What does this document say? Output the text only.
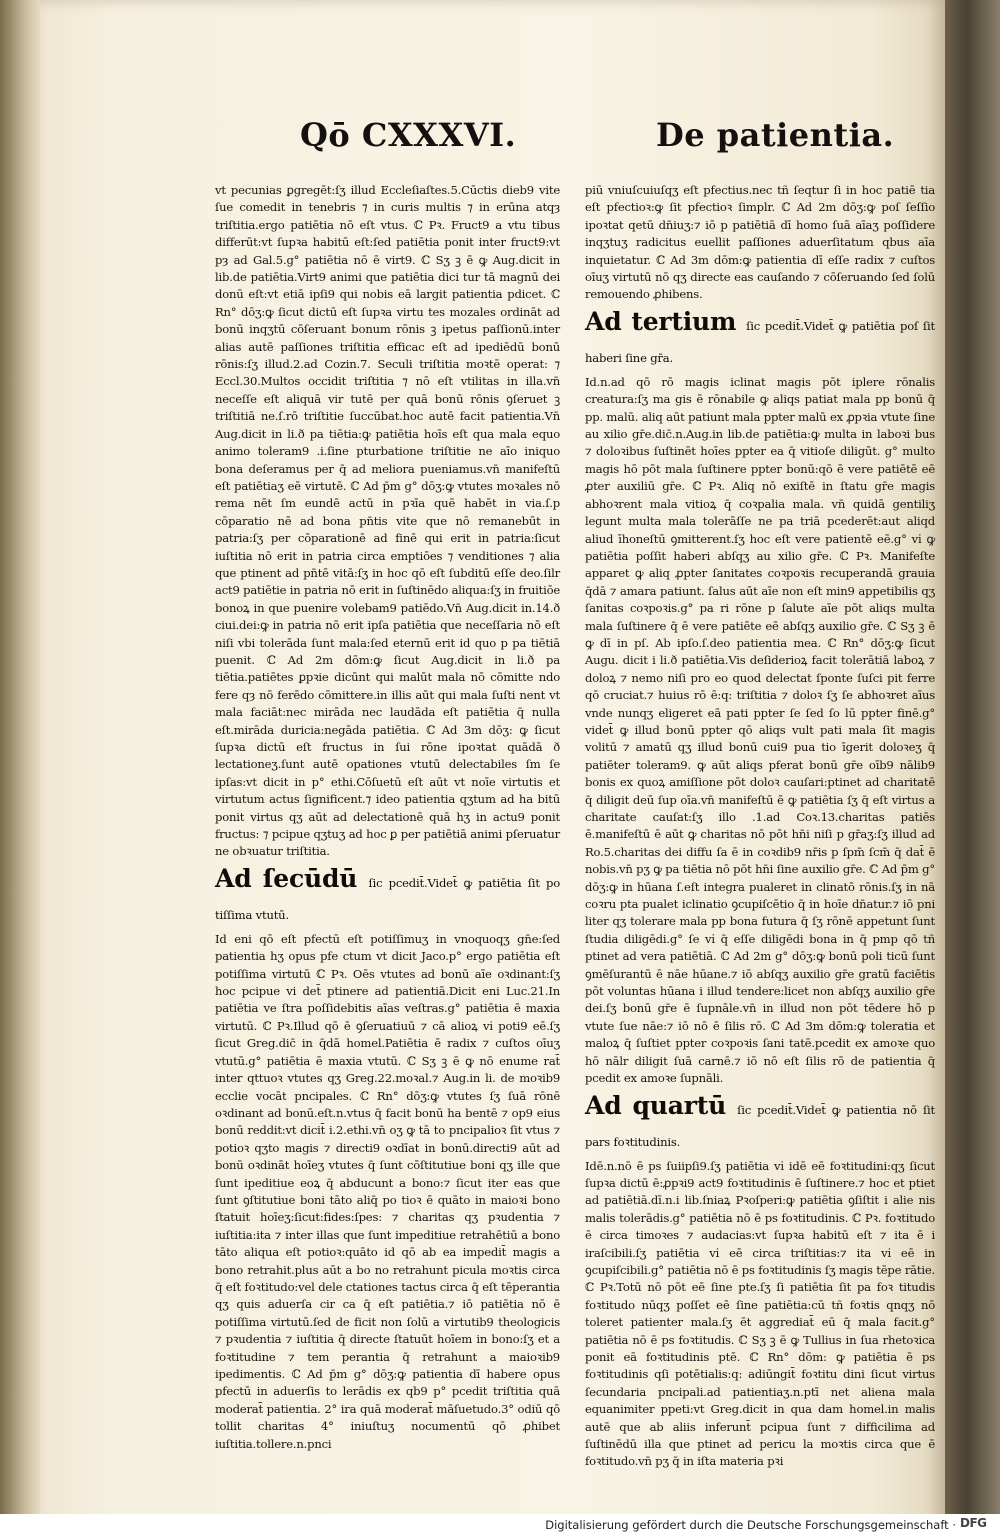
Qō CXXXVI.	De patientia.

vt pecunias ꝑgregēt:ſʒ illud Eccleſiaſtes.5.Cūctis dieb9 vite ſue comedit in tenebris ⁊ in curis multis ⁊ in erūna atqȝ triſtitia.ergo patiētia nō eſt vtus. ℂ Pꝛ. Fruct9 a vtu tibus differūt:vt ſupꝛa habitū eſt:ſed patiētia ponit inter fruct9:vt pȝ ad Gal.5.g° patiētia nō ē virt9. ℂ Sʒ ꝫ ē ꝙ Aug.dicit in lib.de patiētia.Virt9 animi que patiētia dici tur tā magnū dei donū eſt:vt etiā ipſi9 qui nobis eā largit patientia pdicet. ℂ Rn° dōʒ:ꝙ ſicut dictū eſt ſupꝛa virtu tes mozales ordināt ad bonū inqʒtū cōſeruant bonum rōnis ꝫ ipetus paſſionū.inter alias autē paſſiones triſtitia efficac eſt ad ipediēdū bonū rōnis:ſʒ illud.2.ad Cozin.7. Seculi triſtitia moꝛtē operat: ⁊ Eccl.30.Multos occidit triſtitia ⁊ nō eſt vtilitas in illa.vn̄ neceſſe eſt aliquā vir tutē per quā bonū rōnis ꝯſeruet ꝫ triſtitiā ne.ſ.rō triſtitie ſuccūbat.hoc autē facit patientia.Vn̄ Aug.dicit in li.ð pa tiētia:ꝙ patiētia hoīs eſt qua mala equo animo toleram9 .i.ſine pturbatione triſtitie ne aīo iniquo bona deſeramus per q̄ ad meliora pueniamus.vn̄ manifeſtū eſt patiētiaʒ eē virtutē. ℂ Ad p̄m g° dōʒ:ꝙ vtutes moꝛales nō rema nēt ſm eundē actū in pꝛīa quē habēt in via.ſ.p cōparatio nē ad bona pn̄tis vite que nō remanebūt in patria:ſʒ per cōparationē ad finē qui erit in patria:ſicut iuſtitia nō erit in patria circa emptiōes ⁊ venditiones ⁊ alia que ptinent ad pn̄tē vitā:ſʒ in hoc qō eſt ſubditū eſſe deo.ſilr act9 patiētie in patria nō erit in ſuſtinēdo aliqua:ſʒ in fruitiōe bonoꝝ in que puenire volebam9 patiēdo.Vn̄ Aug.dicit in.14.ð ciui.dei:ꝙ in patria nō erit ipſa patiētia que neceſſaria nō eſt niſi vbi tolerāda ſunt mala:ſed eternū erit id quo p pa tiētiā puenit. ℂ Ad 2m dōm:ꝙ ſicut Aug.dicit in li.ð pa tiētia.patiētes ꝑpꝛie dicūnt qui malūt mala nō cōmitte ndo fere qȝ nō ferēdo cōmittere.in illis aūt qui mala ſuſti nent vt mala faciāt:nec mirāda nec laudāda eſt patiētia q̄ nulla eſt.mirāda duricia:negāda patiētia. ℂ Ad 3m dōʒ: ꝙ ſicut ſupꝛa dictū eſt fructus in ſui rōne ipoꝛtat quādā ð lectationeʒ.ſunt autē opationes vtutū delectabiles ſm ſe ipſas:vt dicit in p° ethi.Cōſuetū eſt aūt vt noīe virtutis et virtutum actus ſignificent.⁊ ideo patientia qʒtum ad ha bitū ponit virtus qʒ aūt ad delectationē quā hʒ in actu9 ponit fructus: ⁊ pcipue qʒtuʒ ad hoc ꝑ per patiētiā animi pſeruatur ne obꝛuatur triſtitia.

Ad ſecūdū ſic pcedit̄.Videt̄ ꝙ patiētia ſit po tiſſima vtutū.

Id eni qō eſt pfectū eſt potiſſimuʒ in vnoquoqʒ gn̄e:ſed patientia hʒ opus pfe ctum vt dicit Jaco.p° ergo patiētia eſt potiſſima virtutū ℂ Pꝛ. Oēs vtutes ad bonū aīe oꝛdinant:ſʒ hoc pcipue vi det̄ ptinere ad patientiā.Dicit eni Luc.21.In patiētia ve ſtra poſſidebitis aīas veſtras.g° patiētia ē maxia virtutū. ℂ Pꝛ.Illud qō ē ꝯſeruatiuū ⁊ cā alioꝝ vi̇ poti9 eē.ſʒ ſicut Greg.dic̄ in q̄dā homel.Patiētia ē radix ⁊ cuſtos oīuʒ vtutū.g° patiētia ē maxia vtutū. ℂ Sʒ ꝫ ē ꝙ nō enume rat̄ inter qttuoꝛ vtutes qʒ Greg.22.moꝛal.⁊ Aug.in li. de moꝛib9 ecclie vocāt pncipales. ℂ Rn° dōʒ:ꝙ vtutes ſʒ ſuā rōnē oꝛdinant ad bonū.eſt.n.vtus q̄ facit bonū ha bentē ⁊ op9 eius bonū reddit:vt dicit̄ i.2.ethi.vn̄ oʒ ꝙ tā to pncipalioꝛ ſit vtus ⁊ potioꝛ qʒto magis ⁊ directi9 oꝛdīat in bonū.directi9 aūt ad bonū oꝛdināt hoīeʒ vtutes q̄ ſunt cōſtitutiue boni qʒ ille que ſunt ipeditiue eoꝝ q̄ abducunt a bono:⁊ ſicut iter eas que ſunt ꝯſtitutiue boni tāto aliq̄ po tioꝛ ē quāto in maioꝛi bono ſtatuit hoīeʒ:ſicut:fides:ſpes: ⁊ charitas qʒ pꝛudentia ⁊ iuſtitia:ita ⁊ inter illas que ſunt impeditiue retrahētiū a bono tāto aliqua eſt potioꝛ:quāto id qō ab ea impedit̄ magis a bono retrahit.plus aūt a bo no retrahunt picula moꝛtis circa q̄ eſt foꝛtitudo:vel dele ctationes tactus circa q̄ eſt tēperantia qʒ quis aduerſa cir ca q̄ eſt patiētia.⁊ iō patiētia nō ē potiſſima virtutū.ſed de ficit non ſolū a virtutib9 theologicis ⁊ pꝛudentia ⁊ iuſtitia q̄ directe ſtatuūt hoīem in bono:ſʒ et a foꝛtitudine ⁊ tem perantia q̄ retrahunt a maioꝛib9 ipedimentis. ℂ Ad p̄m g° dōʒ:ꝙ patientia dī habere opus pfectū in aduerſis to lerādis ex qb9 p° pcedit triſtitia quā moderat̄ patientia. 2° ira quā moderat̄ māſuetudo.3° odiū qō tollit charitas 4° iniuſtuʒ nocumentū qō ꝓhibet iuſtitia.tollere.n.pnci

piū vniuſcuiuſqʒ eſt pfectius.nec tñ ſeqtur ſi in hoc patiē tia eſt pfectioꝛ:ꝙ ſit pfectioꝛ ſimplr. ℂ Ad 2m dōʒ:ꝙ poſ ſeſſio ipoꝛtat qetū dn̄iuʒ:⁊ iō p patiētiā dī homo ſuā aīaʒ poſſidere inqʒtuʒ radicitus euellit paſſiones aduerſitatum qbus aīa inquietatur. ℂ Ad 3m dōm:ꝙ patientia dī eſſe radix ⁊ cuſtos oīuʒ virtutū nō qʒ directe eas cauſando ⁊ cōſeruando ſed ſolū remouendo ꝓhibens.

Ad tertium ſic pcedit̄.Videt̄ ꝙ patiētia poſ ſit haberi ſine gr̄a.

Id.n.ad qō rō magis iclinat magis pōt iplere rōnalis creatura:ſʒ ma gis ē rōnabile ꝙ aliqs patiat mala pp bonū q̄ pp. malū. aliq aūt patiunt mala ppter malū ex ꝓpꝛia vtute ſine au xilio gr̄e.dic̄.n.Aug.in lib.de patiētia:ꝙ multa in laboꝛi bus ⁊ doloꝛibus ſuſtinēt hoīes ppter ea q̄ vitioſe diligūt. g° multo magis hō pōt mala ſuſtinere ppter bonū:qō ē vere patiētē eē ꝓter auxiliū gr̄e. ℂ Pꝛ. Aliq nō exiſtē in ſtatu gr̄e magis abhoꝛrent mala vitioꝝ q̄ coꝛpalia mala. vn̄ quidā gentiliʒ legunt multa mala tolerāſſe ne pa triā pcederēt:aut aliqd aliud īhoneſtū ꝯmitterent.ſʒ hoc eſt vere patientē eē.g° vi̇ ꝙ patiētia poſſit haberi abſqʒ au xilio gr̄e. ℂ Pꝛ. Manifeſte apparet ꝙ aliq ꝓpter ſanitates coꝛpoꝛis recuperandā grauia q̄dā ⁊ amara patiunt. ſalus aūt aīe non eſt min9 appetibilis qʒ ſanitas coꝛpoꝛis.g° pa ri rōne p ſalute aīe pōt aliqs multa mala ſuſtinere q̄ ē vere patiēte eē abſqʒ auxilio gr̄e. ℂ Sʒ ꝫ ē ꝙ dī in pſ. Ab ipſo.ſ.deo patientia mea. ℂ Rn° dōʒ:ꝙ ſicut Augu. dicit i li.ð patiētia.Vis deſiderioꝝ facit tolerātiā laboꝝ ⁊ doloꝝ ⁊ nemo niſi pro eo quod delectat ſponte ſuſci pit ferre qō cruciat.⁊ huius rō ē:q: triſtitia ⁊ doloꝛ ſʒ ſe abhoꝛret aīus vnde nunqʒ eligeret eā pati ppter ſe ſed ſo lū ppter finē.g° videt̄ ꝙ illud bonū ppter qō aliqs vult pati mala ſit magis volitū ⁊ amatū qʒ illud bonū cui9 pua tio īgerit doloꝛeʒ q̄ patiēter toleram9. ꝙ aūt aliqs pferat bonū gr̄e oīb9 nālib9 bonis ex quoꝝ amiſſione pōt doloꝛ cauſari:ptinet ad charitatē q̄ diligit deū ſup oīa.vn̄ manifeſtū ē ꝙ patiētia ſʒ q̄ eſt virtus a charitate cauſat:ſʒ illo .1.ad Coꝛ.13.charitas patiēs ē.manifeſtū ē aūt ꝙ charitas nō pōt hn̄i niſi p gr̄aʒ:ſʒ illud ad Ro.5.charitas dei diffu ſa ē in coꝛdib9 nr̄is p ſpm̄ ſcm̄ q̄ dat̄ ē nobis.vn̄ pʒ ꝙ pa tiētia nō pōt hn̄i ſine auxilio gr̄e. ℂ Ad p̄m g° dōʒ:ꝙ in hūana ſ.eſt integra pualeret in clinatō rōnis.ſʒ in nā coꝛru pta pualet iclinatio ꝯcupiſcētio q̄ in hoīe dn̄atur.⁊ iō pni liter qʒ tolerare mala pp bona futura q̄ ſʒ rōnē appetunt ſunt ſtudia diligēdi.g° ſe vi̇ q̄ eſſe diligēdi bona in q̄ pmp qō tñ ptinet ad vera patiētiā. ℂ Ad 2m g° dōʒ:ꝙ bonū poli ticū ſunt ꝯmēſurantū ē nāe hūane.⁊ iō abſqʒ auxilio gr̄e gratū faciētis pōt voluntas hūana i illud tendere:licet non abſqʒ auxilio gr̄e dei.ſʒ bonū gr̄e ē ſupnāle.vn̄ in illud non pōt tēdere hō p vtute ſue nāe:⁊ iō nō ē ſilis rō. ℂ Ad 3m dōm:ꝙ toleratia et maloꝝ q̄ ſuſtiet ppter coꝛpoꝛis ſani tatē.pcedit ex amoꝛe quo hō nālr diligit ſuā carnē.⁊ iō nō eſt ſilis rō de patientia q̄ pcedit ex amoꝛe ſupnāli.

Ad quartū ſic pcedit̄.Videt̄ ꝙ patientia nō ſit pars foꝛtitudinis.

Idē.n.nō ē ps ſuiipſi9.ſʒ patiētia vi̇ idē eē foꝛtitudini:qʒ ſicut ſupꝛa dictū ē:ꝓpꝛi9 act9 foꝛtitudinis ē ſuſtinere.⁊ hoc et ptiet ad patiētiā.dī.n.i lib.ſniaꝝ Pꝛoſperi:ꝙ patiētia ꝯſiſtit i alie nis malis tolerādis.g° patiētia nō ē ps foꝛtitudinis. ℂ Pꝛ. foꝛtitudo ē circa timoꝛes ⁊ audacias:vt ſupꝛa habitū eſt ⁊ ita ē i iraſcibili.ſʒ patiētia vi̇ eē circa triſtitias:⁊ ita vi̇ eē in ꝯcupiſcibili.g° patiētia nō ē ps foꝛtitudinis ſʒ magis tēpe rātie. ℂ Pꝛ.Totū nō pōt eē ſine pte.ſʒ ſi patiētia ſit pa foꝛ titudis foꝛtitudo nūqʒ poſſet eē ſine patiētia:cū tñ foꝛtis qnqʒ nō toleret patienter mala.ſʒ ēt aggrediat̄ eū q̄ mala facit.g° patiētia nō ē ps foꝛtitudis. ℂ Sʒ ꝫ ē ꝙ Tullius in ſua rhetoꝛica ponit eā foꝛtitudinis ptē. ℂ Rn° dōm: ꝙ patiētia ē ps foꝛtitudinis qſi potētialis:q: adiūngit̄ foꝛtitu dini ſicut virtus ſecundaria pncipali.ad patientiaʒ.n.ptī net aliena mala equanimiter ppeti:vt Greg.dicit in qua dam homel.in malis autē que ab aliis inferunt̄ pcipua ſunt ⁊ difficilima ad ſuſtinēdū illa que ptinet ad pericu la moꝛtis circa que ē foꝛtitudo.vn̄ pʒ q̄ in iſta materia pꝛi

Digitalisierung gefördert durch die Deutsche Forschungsgemeinschaft · DFG
